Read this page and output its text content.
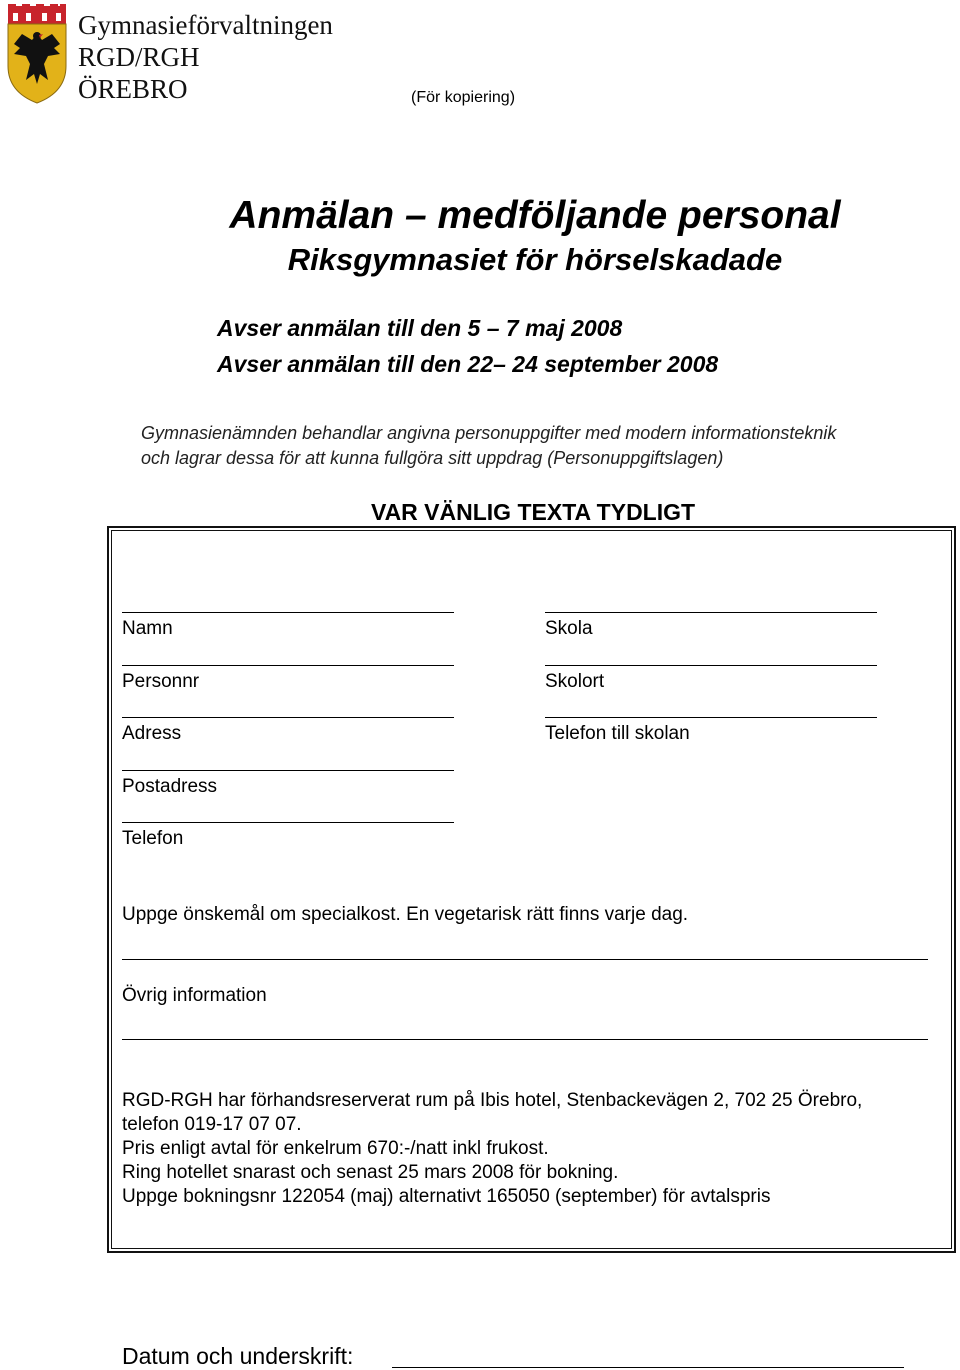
Gymnasieförvaltningen
RGD/RGH
ÖREBRO	(För kopiering)
Anmälan – medföljande personal
Riksgymnasiet för hörselskadade
Avser anmälan till den 5 – 7 maj 2008
Avser anmälan till den 22– 24 september 2008
Gymnasienämnden behandlar angivna personuppgifter med modern informationsteknik
och lagrar dessa för att kunna fullgöra sitt uppdrag (Personuppgiftslagen)
VAR VÄNLIG TEXTA TYDLIGT
Namn
Personnr
Adress
Postadress
Telefon
Skola
Skolort
Telefon till skolan
Uppge önskemål om specialkost. En vegetarisk rätt finns varje dag.
Övrig information
RGD-RGH har förhandsreserverat rum på Ibis hotel, Stenbackevägen 2, 702 25 Örebro,
telefon 019-17 07 07.
Pris enligt avtal för enkelrum 670:-/natt inkl frukost.
Ring hotellet snarast och senast 25 mars 2008 för bokning.
Uppge bokningsnr 122054 (maj) alternativt 165050 (september) för avtalspris
Datum och underskrift:
